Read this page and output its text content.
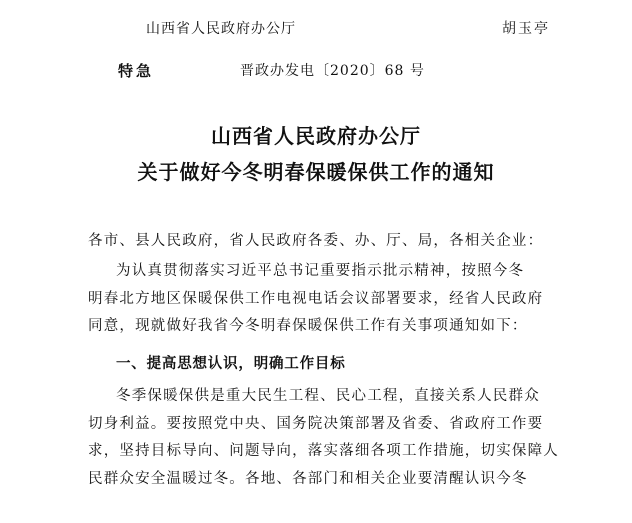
山西省人民政府办公厅	胡玉亭
特急	晋政办发电〔2020〕68 号
山西省人民政府办公厅
关于做好今冬明春保暖保供工作的通知
各市、县人民政府，省人民政府各委、办、厅、局，各相关企业：
为认真贯彻落实习近平总书记重要指示批示精神，按照今冬
明春北方地区保暖保供工作电视电话会议部署要求，经省人民政府
同意，现就做好我省今冬明春保暖保供工作有关事项通知如下：
一、提高思想认识，明确工作目标
冬季保暖保供是重大民生工程、民心工程，直接关系人民群众
切身利益。要按照党中央、国务院决策部署及省委、省政府工作要
求，坚持目标导向、问题导向，落实落细各项工作措施，切实保障人
民群众安全温暖过冬。各地、各部门和相关企业要清醒认识今冬
